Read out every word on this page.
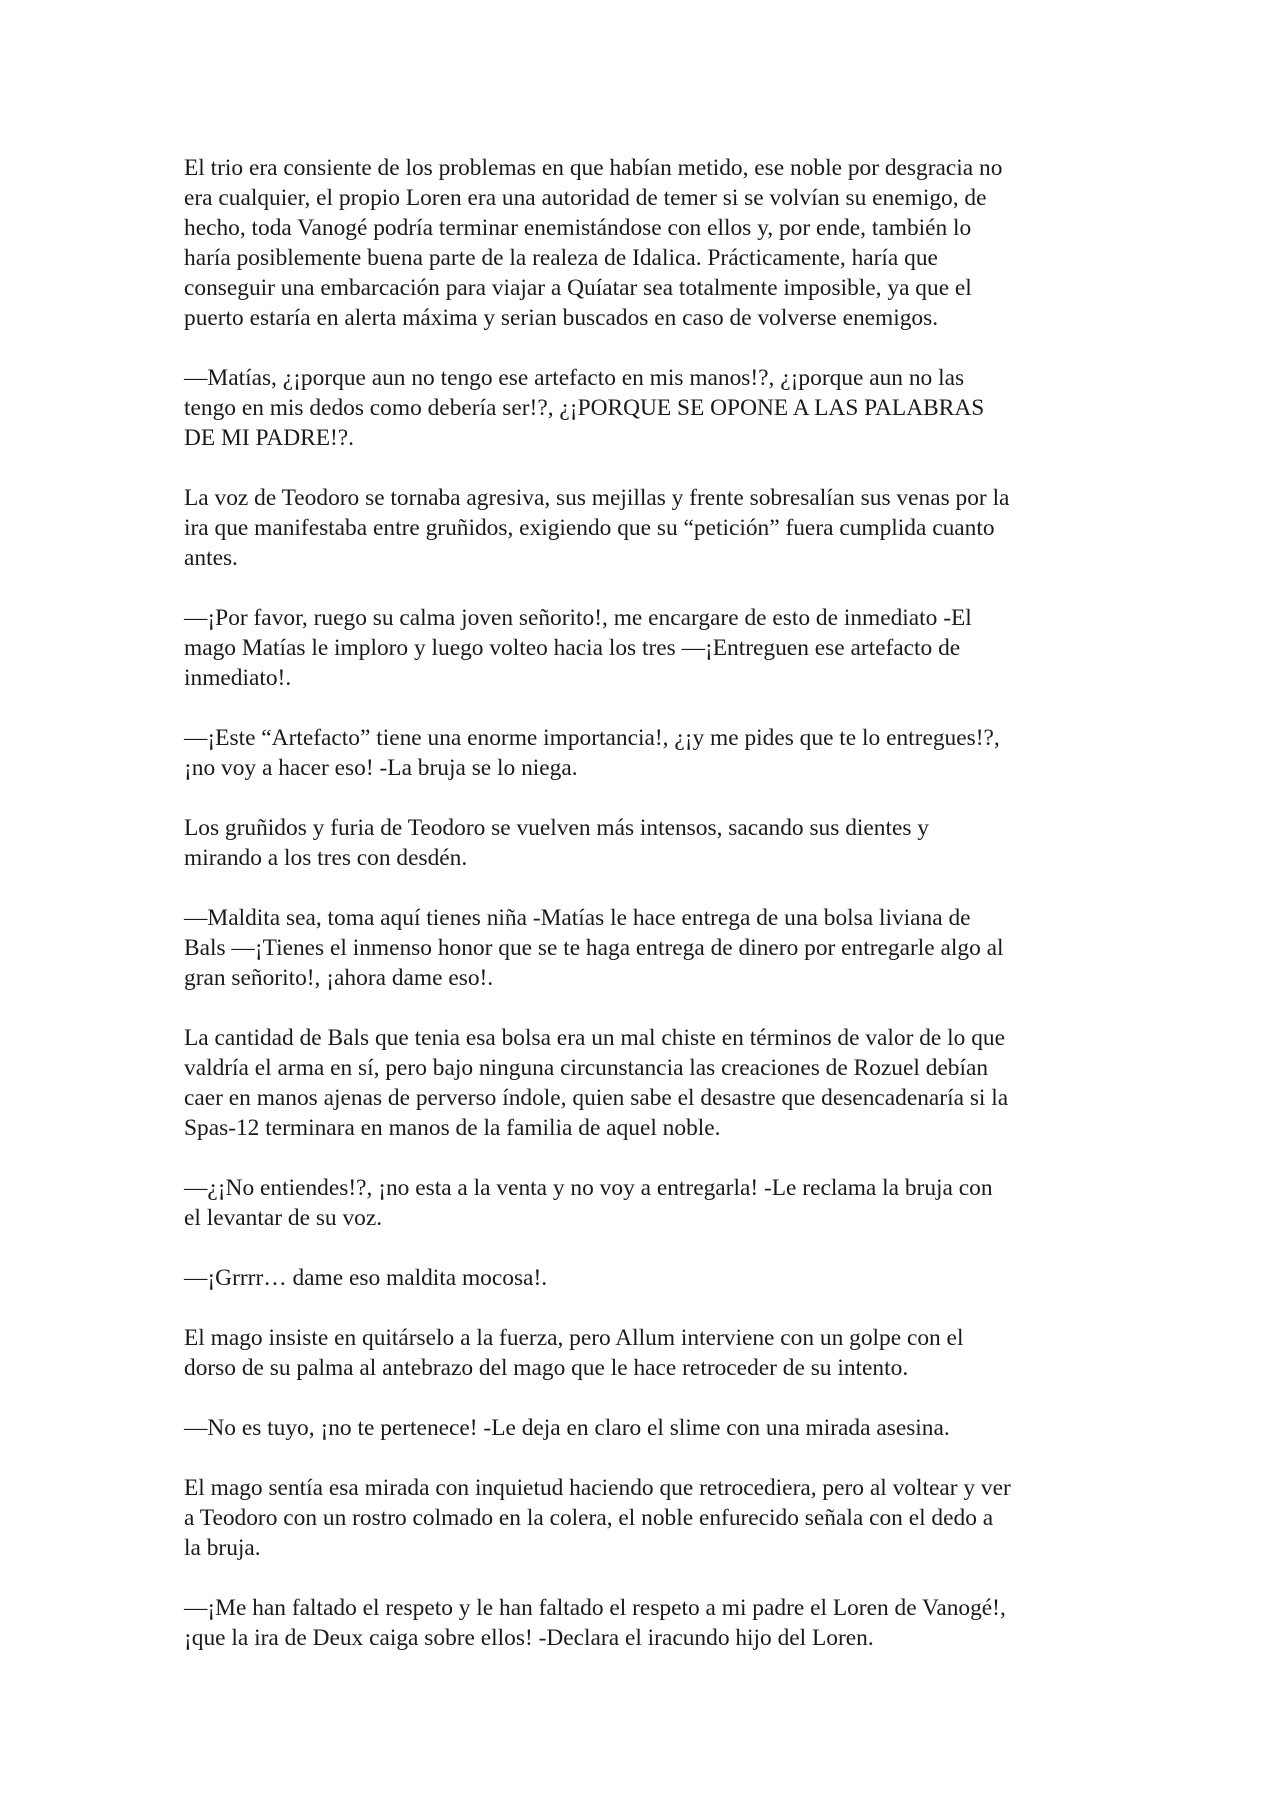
El trio era consiente de los problemas en que habían metido, ese noble por desgracia no
era cualquier, el propio Loren era una autoridad de temer si se volvían su enemigo, de
hecho, toda Vanogé podría terminar enemistándose con ellos y, por ende, también lo
haría posiblemente buena parte de la realeza de Idalica. Prácticamente, haría que
conseguir una embarcación para viajar a Quíatar sea totalmente imposible, ya que el
puerto estaría en alerta máxima y serian buscados en caso de volverse enemigos.
—Matías, ¿¡porque aun no tengo ese artefacto en mis manos!?, ¿¡porque aun no las
tengo en mis dedos como debería ser!?, ¿¡PORQUE SE OPONE A LAS PALABRAS
DE MI PADRE!?.
La voz de Teodoro se tornaba agresiva, sus mejillas y frente sobresalían sus venas por la
ira que manifestaba entre gruñidos, exigiendo que su “petición” fuera cumplida cuanto
antes.
—¡Por favor, ruego su calma joven señorito!, me encargare de esto de inmediato -El
mago Matías le imploro y luego volteo hacia los tres —¡Entreguen ese artefacto de
inmediato!.
—¡Este “Artefacto” tiene una enorme importancia!, ¿¡y me pides que te lo entregues!?,
¡no voy a hacer eso! -La bruja se lo niega.
Los gruñidos y furia de Teodoro se vuelven más intensos, sacando sus dientes y
mirando a los tres con desdén.
—Maldita sea, toma aquí tienes niña -Matías le hace entrega de una bolsa liviana de
Bals —¡Tienes el inmenso honor que se te haga entrega de dinero por entregarle algo al
gran señorito!, ¡ahora dame eso!.
La cantidad de Bals que tenia esa bolsa era un mal chiste en términos de valor de lo que
valdría el arma en sí, pero bajo ninguna circunstancia las creaciones de Rozuel debían
caer en manos ajenas de perverso índole, quien sabe el desastre que desencadenaría si la
Spas-12 terminara en manos de la familia de aquel noble.
—¿¡No entiendes!?, ¡no esta a la venta y no voy a entregarla! -Le reclama la bruja con
el levantar de su voz.
—¡Grrrr… dame eso maldita mocosa!.
El mago insiste en quitárselo a la fuerza, pero Allum interviene con un golpe con el
dorso de su palma al antebrazo del mago que le hace retroceder de su intento.
—No es tuyo, ¡no te pertenece! -Le deja en claro el slime con una mirada asesina.
El mago sentía esa mirada con inquietud haciendo que retrocediera, pero al voltear y ver
a Teodoro con un rostro colmado en la colera, el noble enfurecido señala con el dedo a
la bruja.
—¡Me han faltado el respeto y le han faltado el respeto a mi padre el Loren de Vanogé!,
¡que la ira de Deux caiga sobre ellos! -Declara el iracundo hijo del Loren.
